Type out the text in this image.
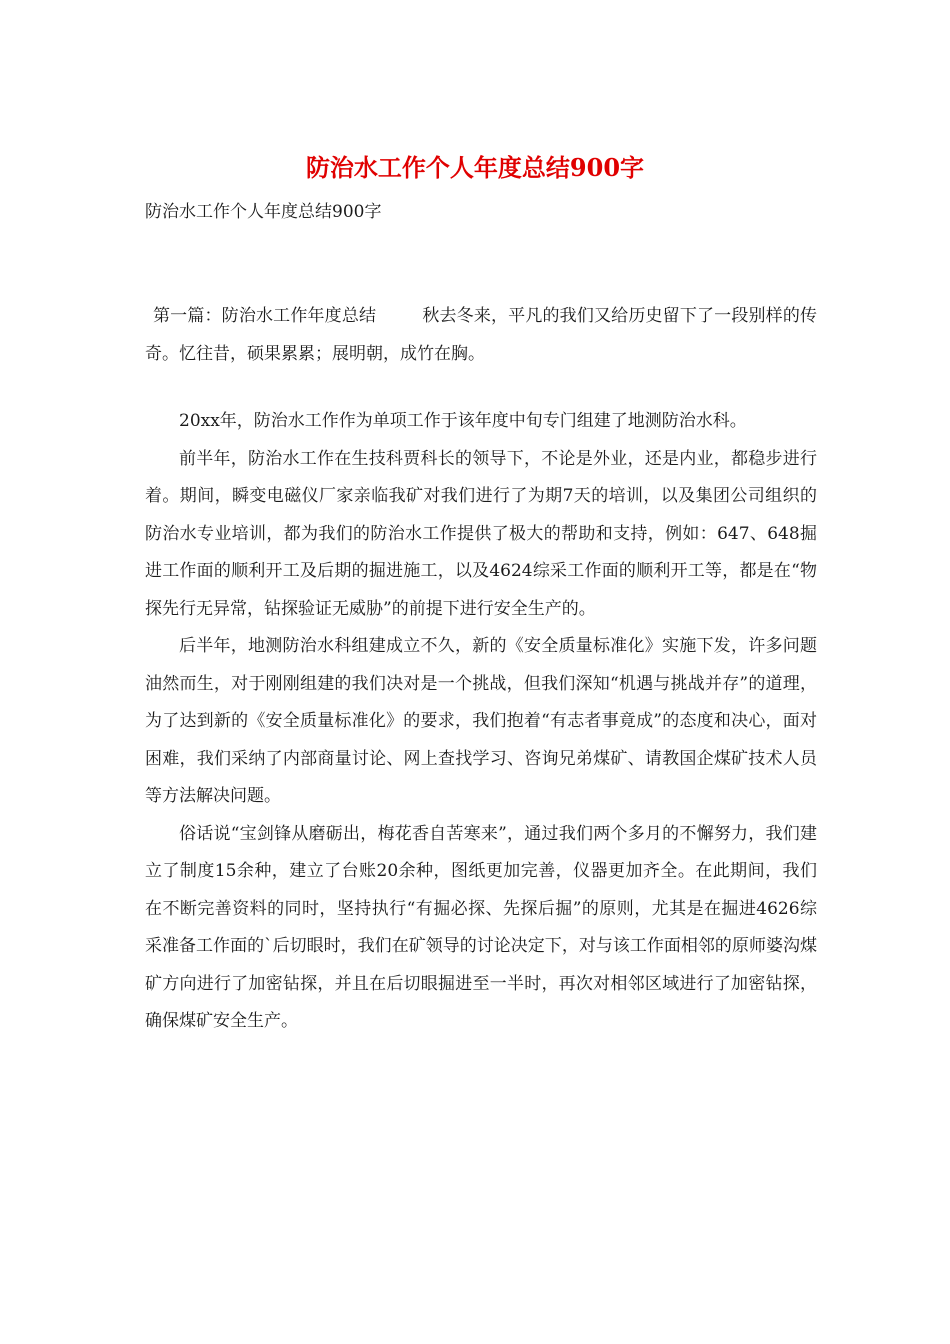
防治水工作个人年度总结900字
防治水工作个人年度总结900字
第一篇：防治水工作年度总结	秋去冬来，平凡的我们又给历史留下了一段别样的传奇。忆往昔，硕果累累；展明朝，成竹在胸。

20xx年，防治水工作作为单项工作于该年度中旬专门组建了地测防治水科。

前半年，防治水工作在生技科贾科长的领导下，不论是外业，还是内业，都稳步进行着。期间，瞬变电磁仪厂家亲临我矿对我们进行了为期7天的培训，以及集团公司组织的防治水专业培训，都为我们的防治水工作提供了极大的帮助和支持，例如：647、648掘进工作面的顺利开工及后期的掘进施工，以及4624综采工作面的顺利开工等，都是在“物探先行无异常，钻探验证无威胁”的前提下进行安全生产的。

后半年，地测防治水科组建成立不久，新的《安全质量标准化》实施下发，许多问题油然而生，对于刚刚组建的我们决对是一个挑战，但我们深知“机遇与挑战并存”的道理，为了达到新的《安全质量标准化》的要求，我们抱着“有志者事竟成”的态度和决心，面对困难，我们采纳了内部商量讨论、网上查找学习、咨询兄弟煤矿、请教国企煤矿技术人员等方法解决问题。

俗话说“宝剑锋从磨砺出，梅花香自苦寒来”，通过我们两个多月的不懈努力，我们建立了制度15余种，建立了台账20余种，图纸更加完善，仪器更加齐全。在此期间，我们在不断完善资料的同时，坚持执行“有掘必探、先探后掘”的原则，尤其是在掘进4626综采准备工作面的`后切眼时，我们在矿领导的讨论决定下，对与该工作面相邻的原师婆沟煤矿方向进行了加密钻探，并且在后切眼掘进至一半时，再次对相邻区域进行了加密钻探，确保煤矿安全生产。
